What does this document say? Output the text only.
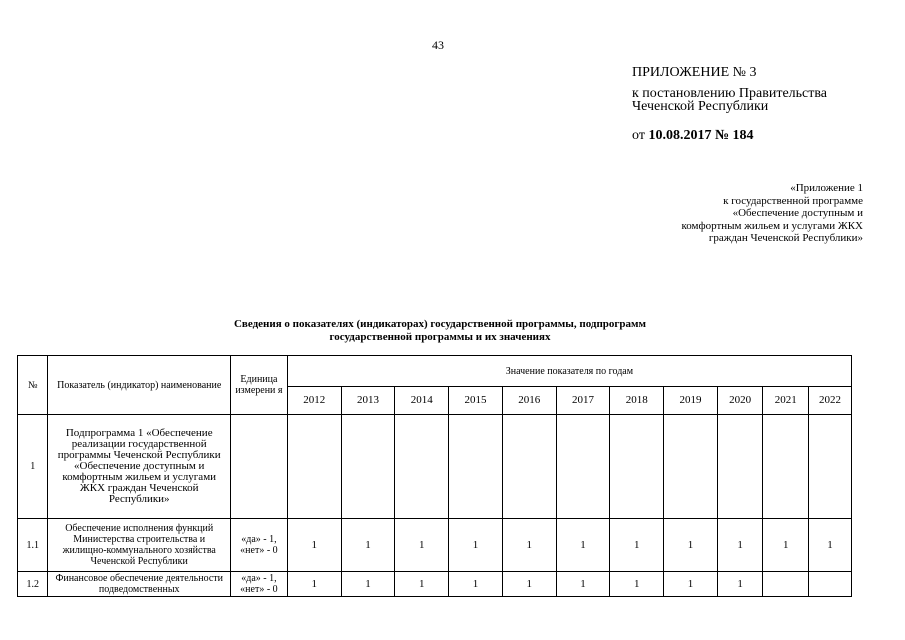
43
ПРИЛОЖЕНИЕ № 3
к постановлению Правительства
Чеченской Республики
от 10.08.2017 № 184
«Приложение 1
к государственной программе
«Обеспечение доступным и
комфортным жильем и услугами ЖКХ
граждан Чеченской Республики»
Сведения о показателях (индикаторах) государственной программы, подпрограмм
государственной программы и их значениях
№	Показатель (индикатор) наименование	Единица измерени я	Значение показателя по годам										
			2012	2013	2014	2015	2016	2017	2018	2019	2020	2021	2022
1	Подпрограмма 1 «Обеспечение реализации государственной программы Чеченской Республики «Обеспечение доступным и комфортным жильем и услугами ЖКХ граждан Чеченской Республики»												
1.1	Обеспечение исполнения функций Министерства строительства и жилищно-коммунального хозяйства Чеченской Республики	«да» - 1, «нет» - 0	1	1	1	1	1	1	1	1	1	1	1
1.2	Финансовое обеспечение деятельности подведомственных	«да» - 1, «нет» - 0	1	1	1	1	1	1	1	1	1		
